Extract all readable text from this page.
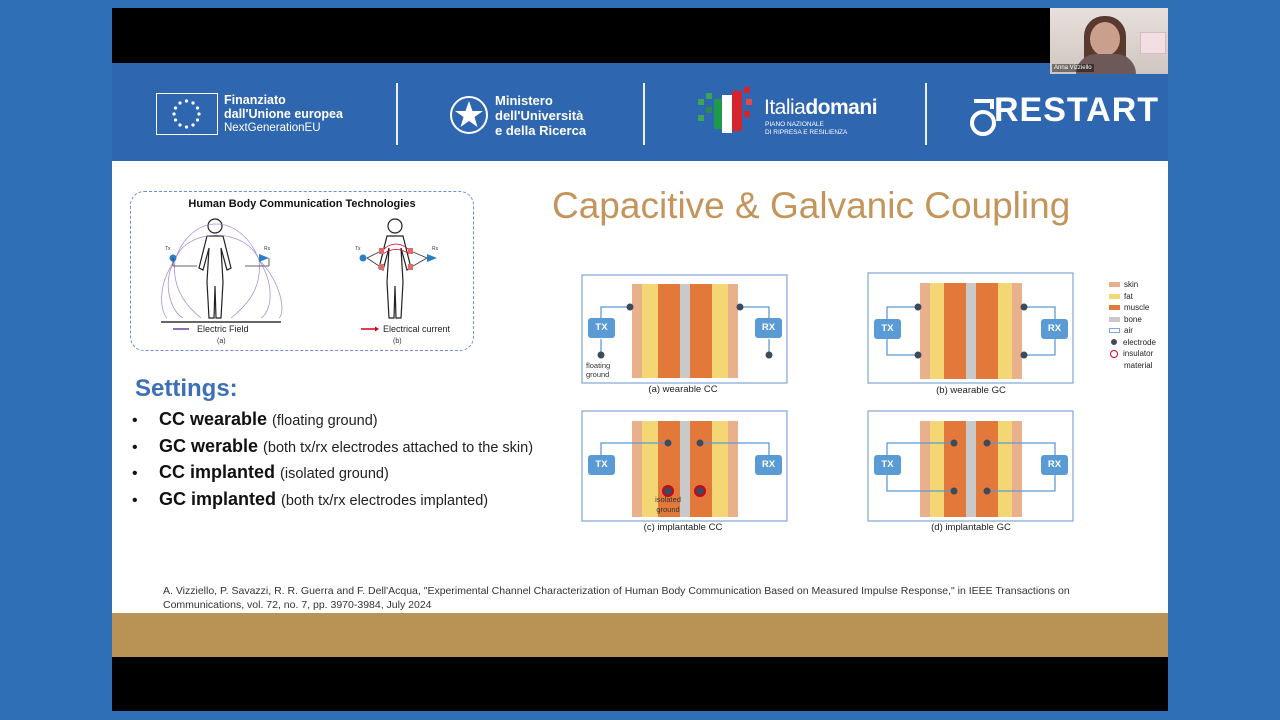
Finanziato
dall'Unione europea
NextGenerationEU
Ministero
dell'Università
e della Ricerca
Italiadomani
PIANO NAZIONALE
DI RIPRESA E RESILIENZA
RESTART
Anna Vizziello
Capacitive & Galvanic Coupling
Human Body Communication Technologies
Tx	Rx	Tx	Rx
Electric Field	Electrical current
(a)	(b)
Settings:
•	CC wearable (floating ground)
•	GC werable (both tx/rx electrodes attached to the skin)
•	CC implanted (isolated ground)
•	GC implanted (both tx/rx electrodes implanted)
TX	RX	TX	RX
TX	RX	TX	RX
floating
ground
isolated
ground
(a) wearable CC	(b) wearable GC
(c) implantable CC	(d) implantable GC
skin
fat
muscle
bone
air
electrode
insulator
material
A. Vizziello, P. Savazzi, R. R. Guerra and F. Dell'Acqua, "Experimental Channel Characterization of Human Body Communication Based on Measured Impulse Response," in IEEE Transactions on
Communications, vol. 72, no. 7, pp. 3970-3984, July 2024
